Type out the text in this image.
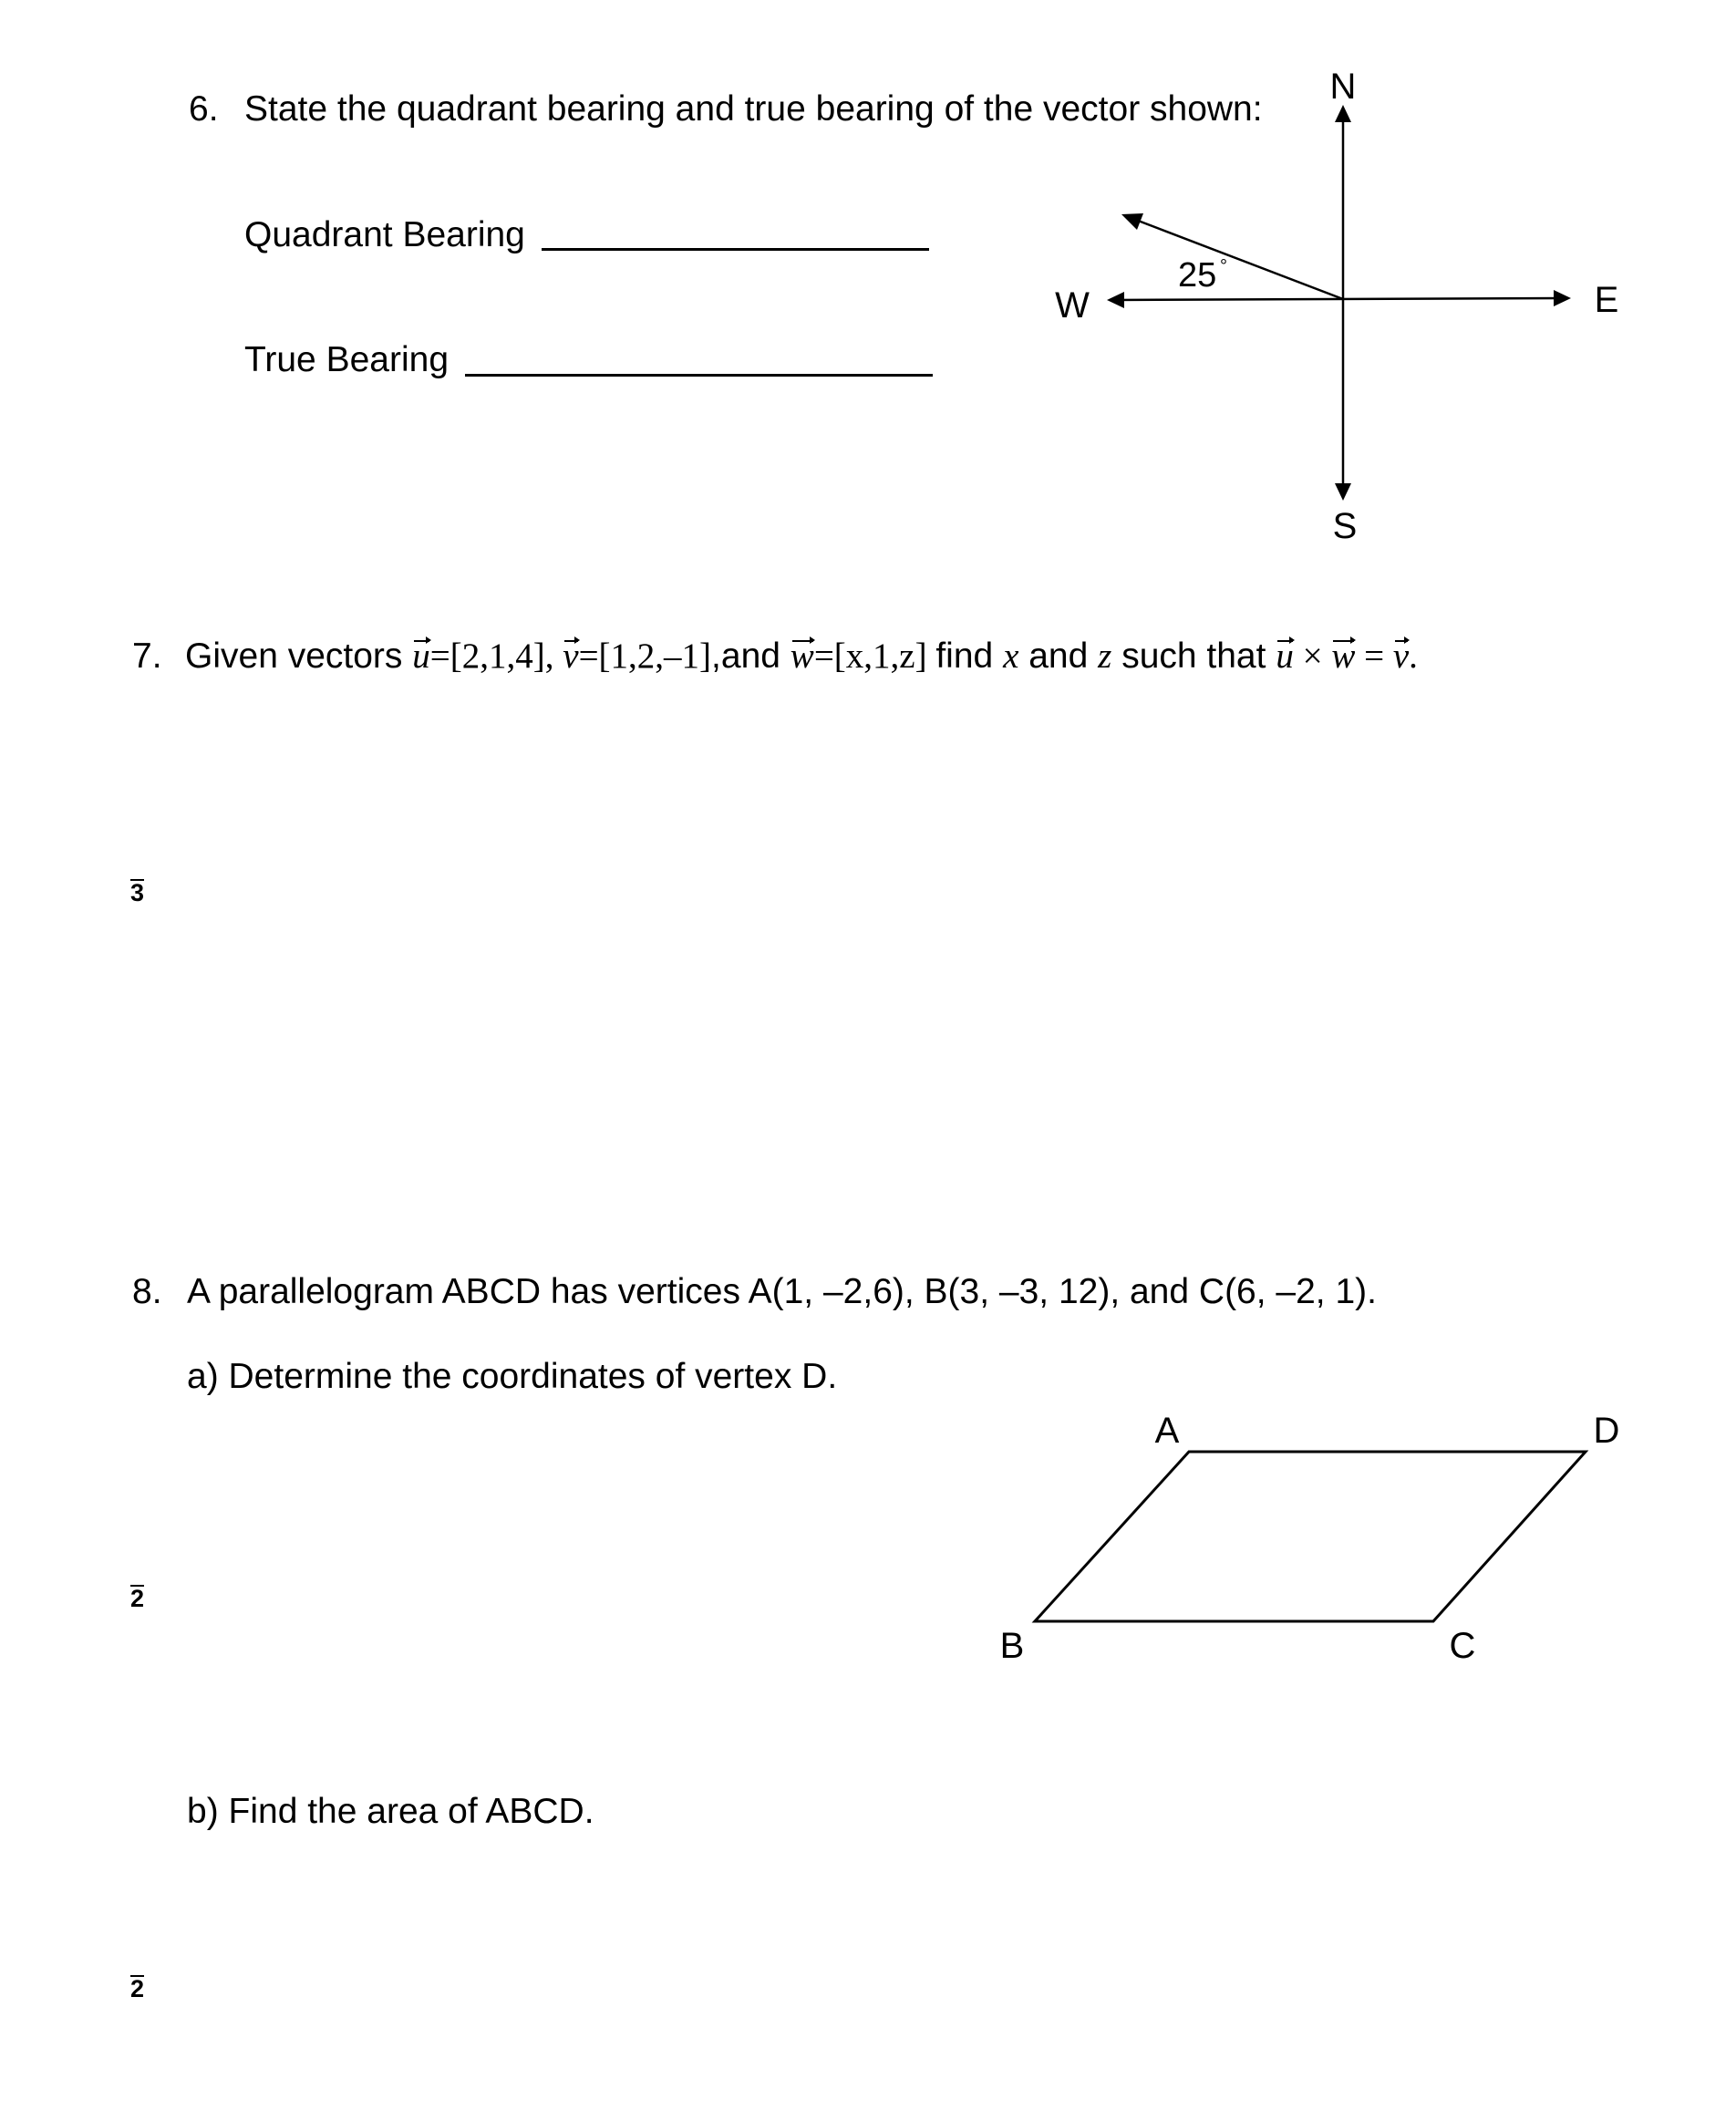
6. State the quadrant bearing and true bearing of the vector shown:
Quadrant Bearing
True Bearing
N
S
E
W
25 °
7. Given vectors u=[2,1,4], v=[1,2,–1],and w=[x,1,z] find x and z such that u × w = v.
3
2
2
8. A parallelogram ABCD has vertices A(1, –2,6), B(3, –3, 12), and C(6, –2, 1).
a) Determine the coordinates of vertex D.
A	D
B	C
b) Find the area of ABCD.
